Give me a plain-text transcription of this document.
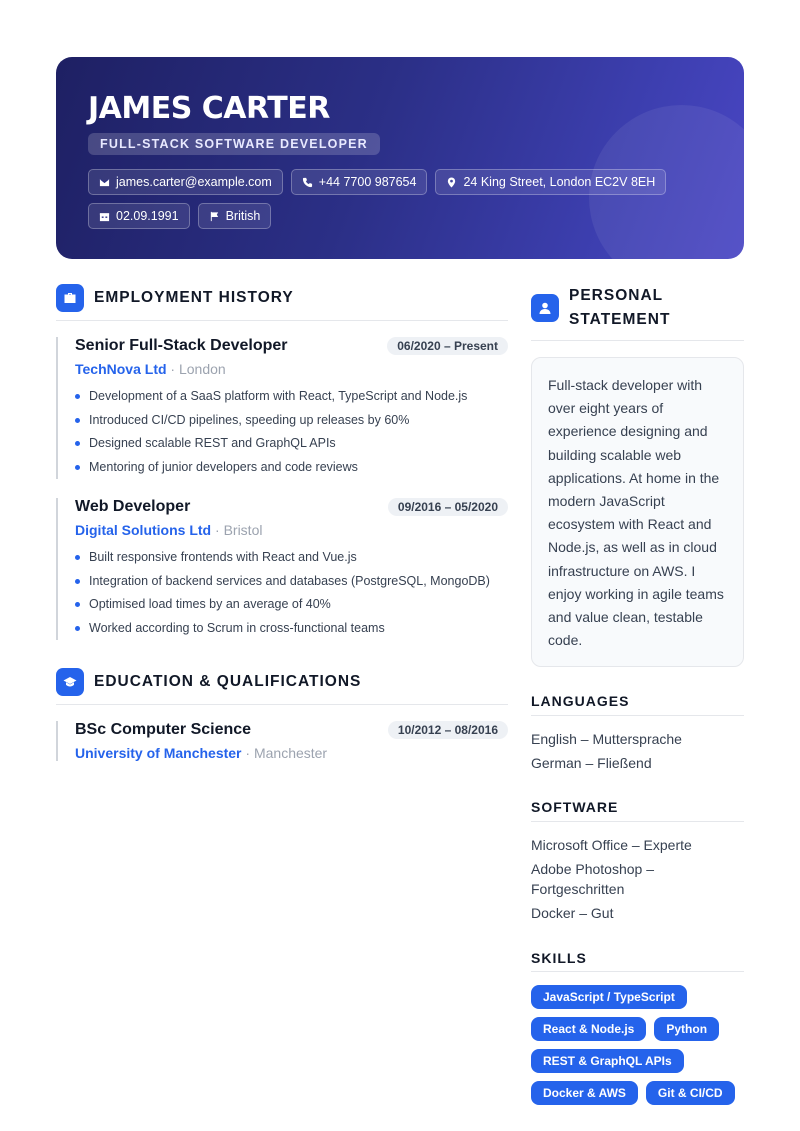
JAMES CARTER
FULL-STACK SOFTWARE DEVELOPER
james.carter@example.com	+44 7700 987654	24 King Street, London EC2V 8EH
02.09.1991	British
EMPLOYMENT HISTORY
Senior Full-Stack Developer	06/2020 – Present
TechNova Ltd · London
Development of a SaaS platform with React, TypeScript and Node.js
Introduced CI/CD pipelines, speeding up releases by 60%
Designed scalable REST and GraphQL APIs
Mentoring of junior developers and code reviews
Web Developer	09/2016 – 05/2020
Digital Solutions Ltd · Bristol
Built responsive frontends with React and Vue.js
Integration of backend services and databases (PostgreSQL, MongoDB)
Optimised load times by an average of 40%
Worked according to Scrum in cross-functional teams
EDUCATION & QUALIFICATIONS
BSc Computer Science	10/2012 – 08/2016
University of Manchester · Manchester
PERSONAL
STATEMENT
Full-stack developer with over eight years of experience designing and building scalable web applications. At home in the modern JavaScript ecosystem with React and Node.js, as well as in cloud infrastructure on AWS. I enjoy working in agile teams and value clean, testable code.
LANGUAGES
English – Muttersprache
German – Fließend
SOFTWARE
Microsoft Office – Experte
Adobe Photoshop – Fortgeschritten
Docker – Gut
SKILLS
JavaScript / TypeScript
React & Node.js	Python
REST & GraphQL APIs
Docker & AWS	Git & CI/CD
